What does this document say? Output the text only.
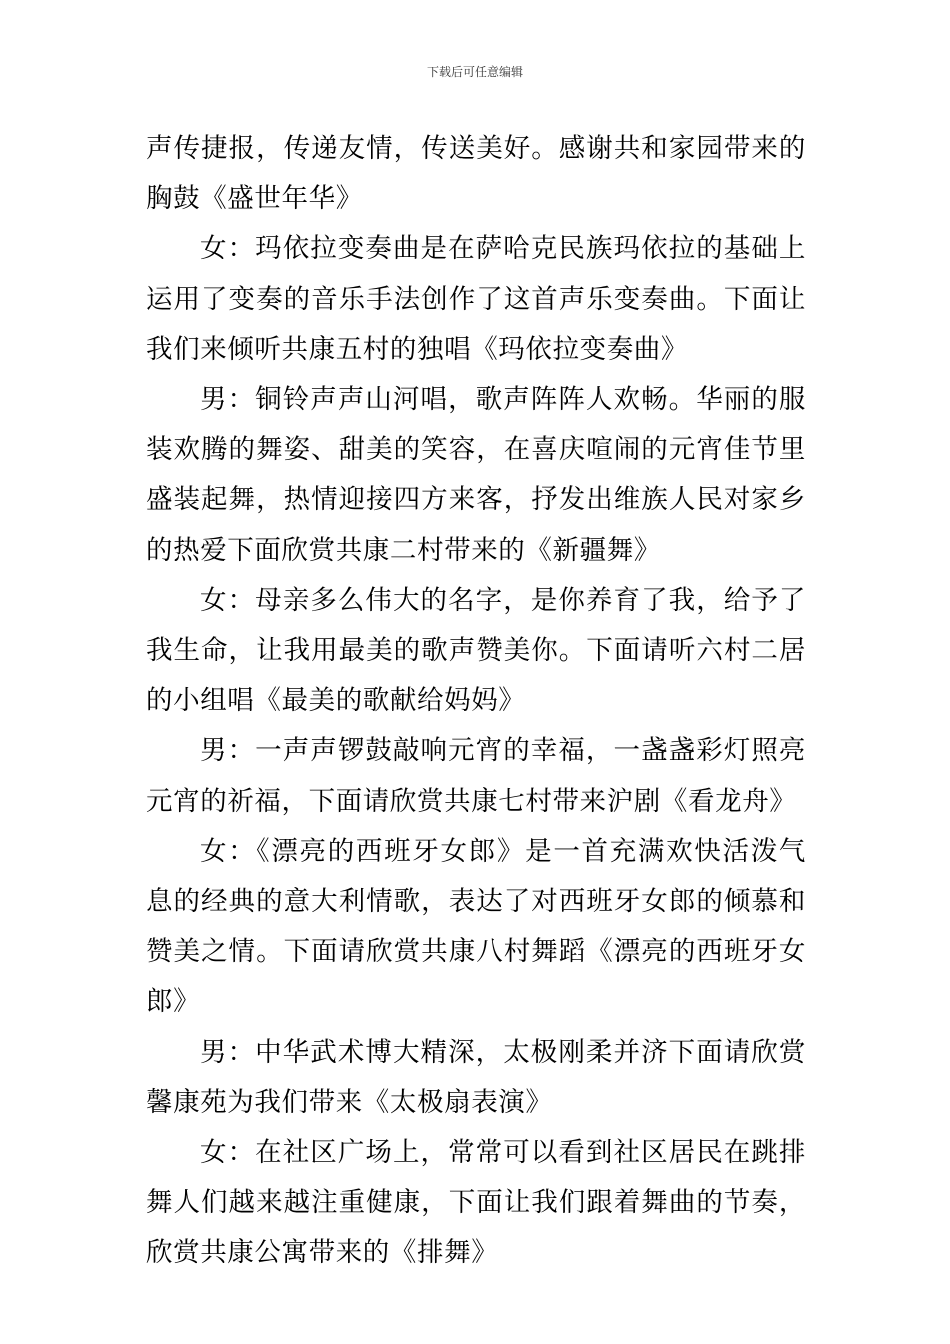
下载后可任意编辑

声传捷报，传递友情，传送美好。感谢共和家园带来的胸鼓《盛世年华》

女：玛依拉变奏曲是在萨哈克民族玛依拉的基础上运用了变奏的音乐手法创作了这首声乐变奏曲。下面让我们来倾听共康五村的独唱《玛依拉变奏曲》

男：铜铃声声山河唱，歌声阵阵人欢畅。华丽的服装欢腾的舞姿、甜美的笑容，在喜庆喧闹的元宵佳节里盛装起舞，热情迎接四方来客，抒发出维族人民对家乡的热爱下面欣赏共康二村带来的《新疆舞》

女：母亲多么伟大的名字，是你养育了我，给予了我生命，让我用最美的歌声赞美你。下面请听六村二居的小组唱《最美的歌献给妈妈》

男：一声声锣鼓敲响元宵的幸福，一盏盏彩灯照亮元宵的祈福，下面请欣赏共康七村带来沪剧《看龙舟》

女：《漂亮的西班牙女郎》是一首充满欢快活泼气息的经典的意大利情歌，表达了对西班牙女郎的倾慕和赞美之情。下面请欣赏共康八村舞蹈《漂亮的西班牙女郎》

男：中华武术博大精深，太极刚柔并济下面请欣赏馨康苑为我们带来《太极扇表演》

女：在社区广场上，常常可以看到社区居民在跳排舞人们越来越注重健康，下面让我们跟着舞曲的节奏，欣赏共康公寓带来的《排舞》
